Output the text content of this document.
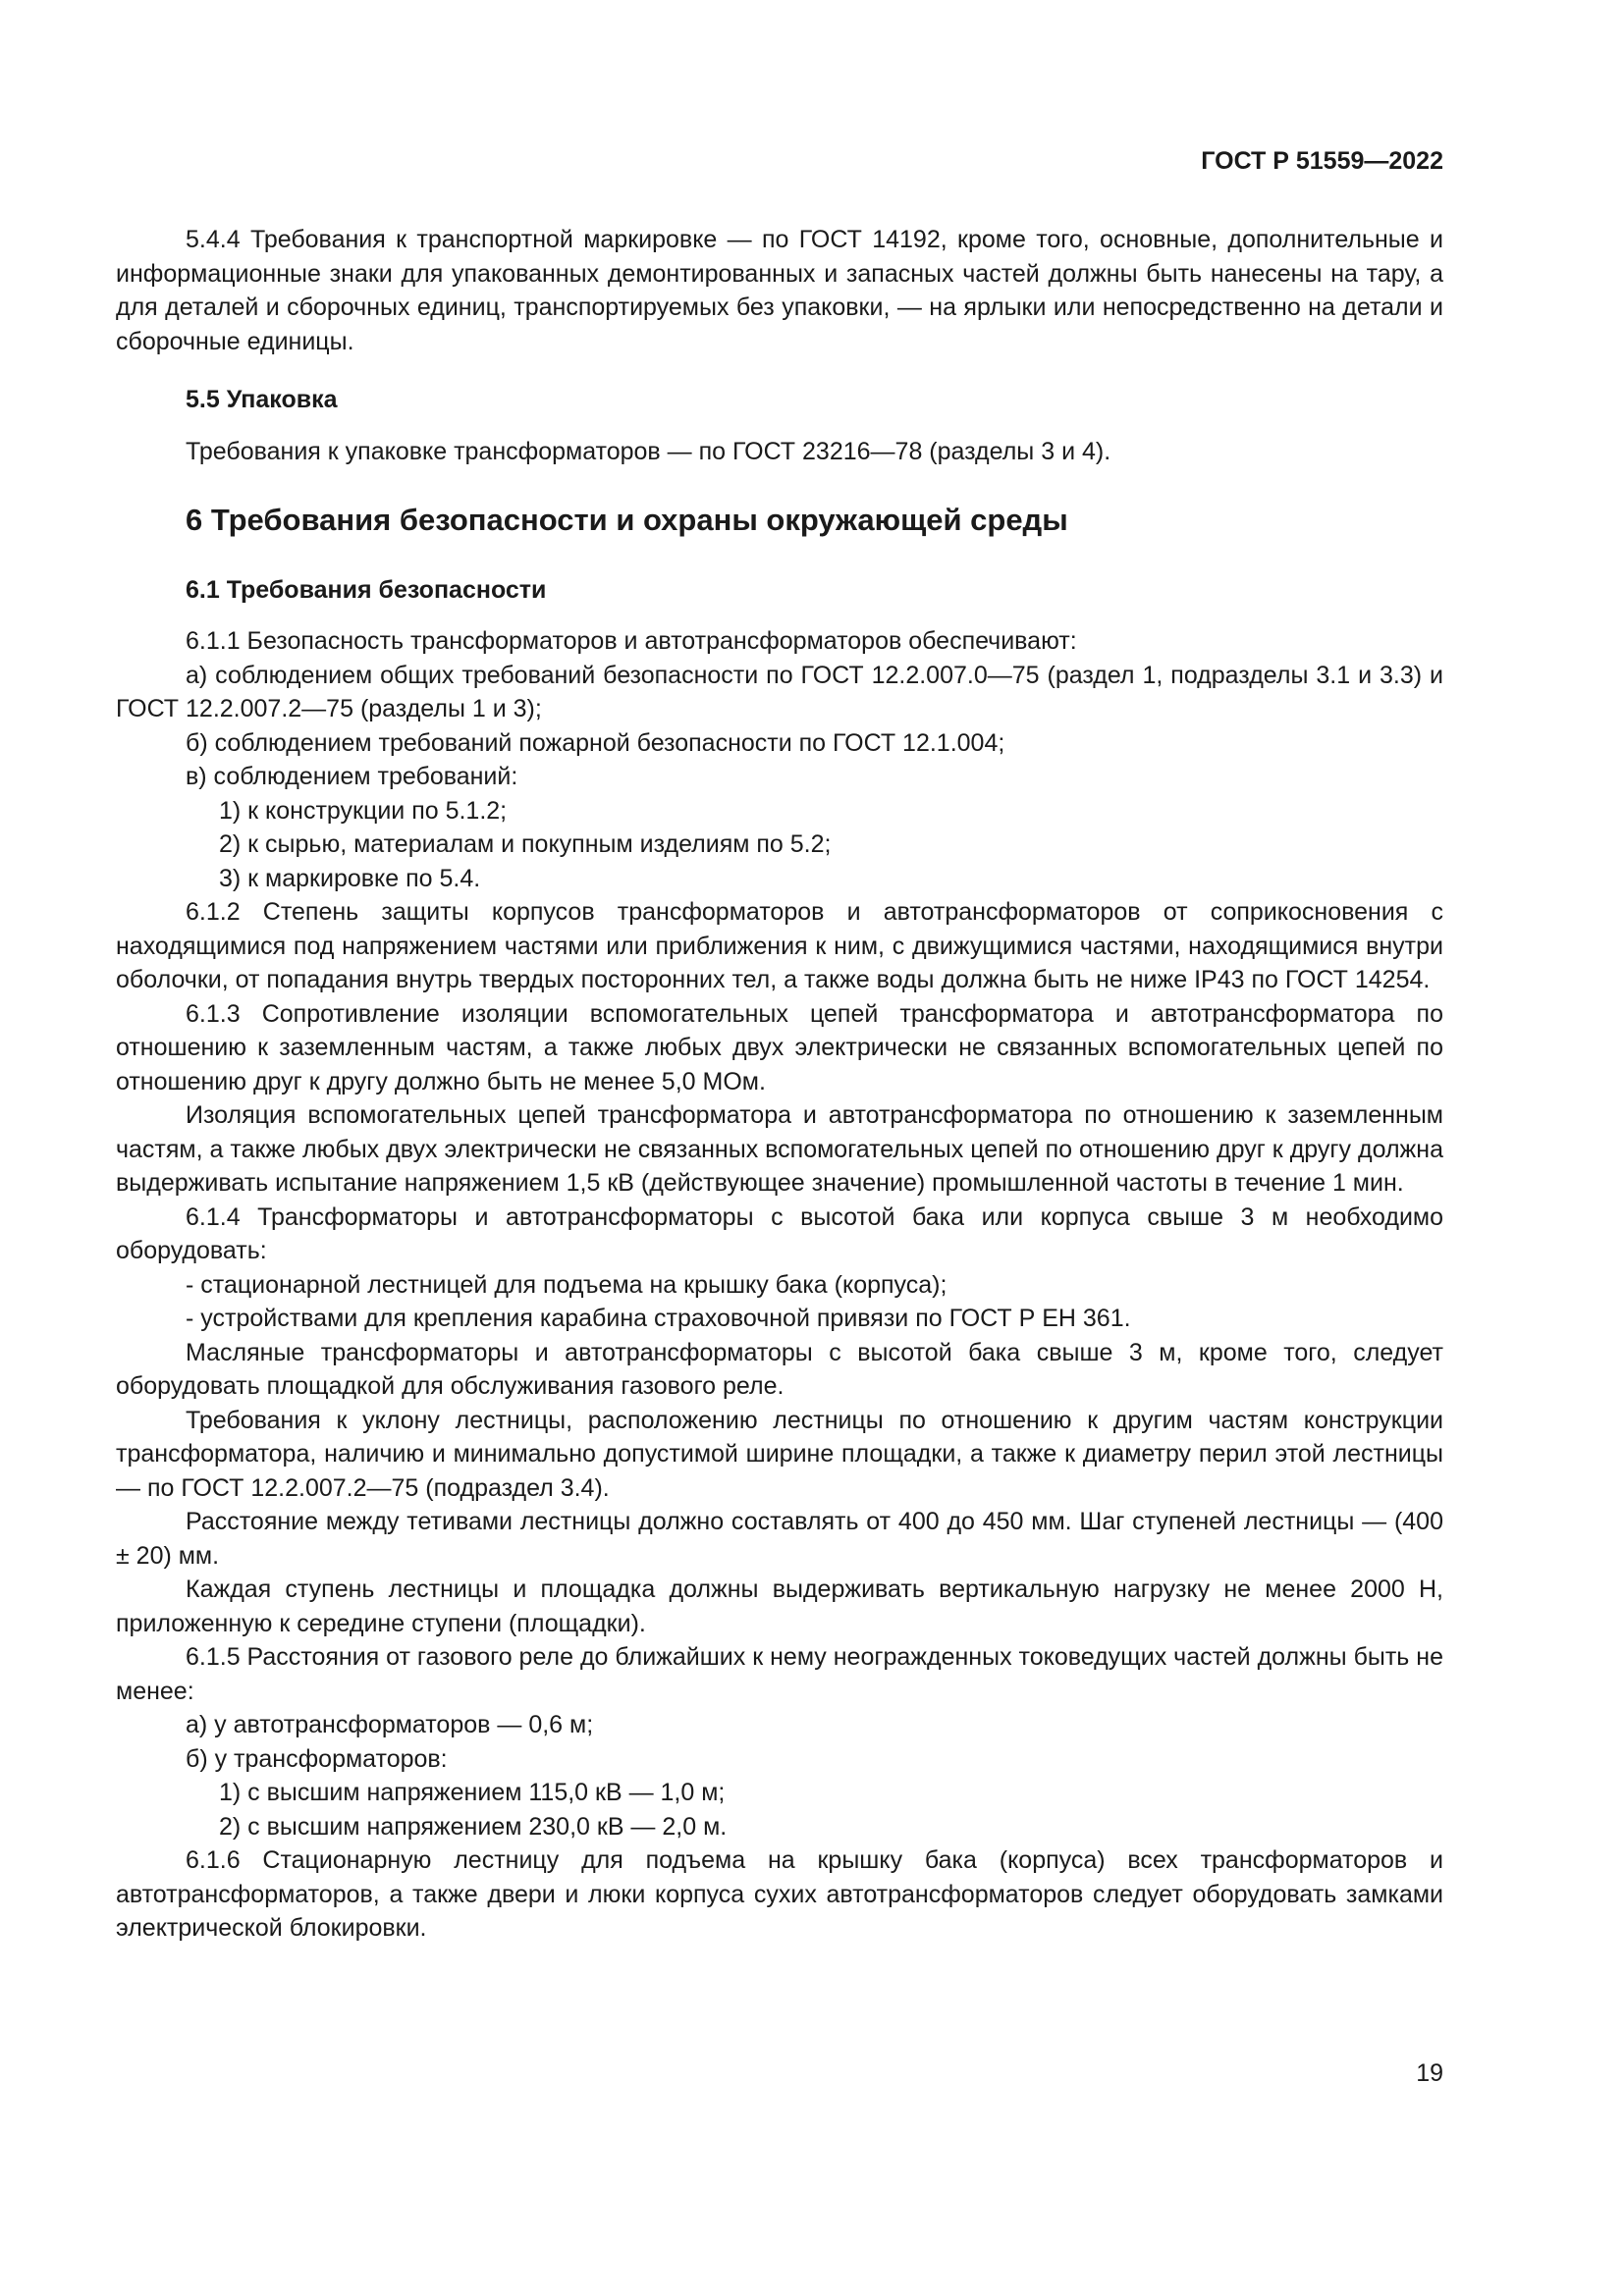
ГОСТ Р 51559—2022

5.4.4 Требования к транспортной маркировке — по ГОСТ 14192, кроме того, основные, дополнительные и информационные знаки для упакованных демонтированных и запасных частей должны быть нанесены на тару, а для деталей и сборочных единиц, транспортируемых без упаковки, — на ярлыки или непосредственно на детали и сборочные единицы.

5.5 Упаковка

Требования к упаковке трансформаторов — по ГОСТ 23216—78 (разделы 3 и 4).

6 Требования безопасности и охраны окружающей среды

6.1 Требования безопасности

6.1.1 Безопасность трансформаторов и автотрансформаторов обеспечивают:

а) соблюдением общих требований безопасности по ГОСТ 12.2.007.0—75 (раздел 1, подразделы 3.1 и 3.3) и ГОСТ 12.2.007.2—75 (разделы 1 и 3);

б) соблюдением требований пожарной безопасности по ГОСТ 12.1.004;

в) соблюдением требований:

1) к конструкции по 5.1.2;

2) к сырью, материалам и покупным изделиям по 5.2;

3) к маркировке по 5.4.

6.1.2 Степень защиты корпусов трансформаторов и автотрансформаторов от соприкосновения с находящимися под напряжением частями или приближения к ним, с движущимися частями, находящимися внутри оболочки, от попадания внутрь твердых посторонних тел, а также воды должна быть не ниже IP43 по ГОСТ 14254.

6.1.3 Сопротивление изоляции вспомогательных цепей трансформатора и автотрансформатора по отношению к заземленным частям, а также любых двух электрически не связанных вспомогательных цепей по отношению друг к другу должно быть не менее 5,0 МОм.

Изоляция вспомогательных цепей трансформатора и автотрансформатора по отношению к заземленным частям, а также любых двух электрически не связанных вспомогательных цепей по отношению друг к другу должна выдерживать испытание напряжением 1,5 кВ (действующее значение) промышленной частоты в течение 1 мин.

6.1.4 Трансформаторы и автотрансформаторы с высотой бака или корпуса свыше 3 м необходимо оборудовать:

- стационарной лестницей для подъема на крышку бака (корпуса);

- устройствами для крепления карабина страховочной привязи по ГОСТ Р ЕН 361.

Масляные трансформаторы и автотрансформаторы с высотой бака свыше 3 м, кроме того, следует оборудовать площадкой для обслуживания газового реле.

Требования к уклону лестницы, расположению лестницы по отношению к другим частям конструкции трансформатора, наличию и минимально допустимой ширине площадки, а также к диаметру перил этой лестницы — по ГОСТ 12.2.007.2—75 (подраздел 3.4).

Расстояние между тетивами лестницы должно составлять от 400 до 450 мм. Шаг ступеней лестницы — (400 ± 20) мм.

Каждая ступень лестницы и площадка должны выдерживать вертикальную нагрузку не менее 2000 Н, приложенную к середине ступени (площадки).

6.1.5 Расстояния от газового реле до ближайших к нему неогражденных токоведущих частей должны быть не менее:

а) у автотрансформаторов — 0,6 м;

б) у трансформаторов:

1) с высшим напряжением 115,0 кВ — 1,0 м;

2) с высшим напряжением 230,0 кВ — 2,0 м.

6.1.6 Стационарную лестницу для подъема на крышку бака (корпуса) всех трансформаторов и автотрансформаторов, а также двери и люки корпуса сухих автотрансформаторов следует оборудовать замками электрической блокировки.

19
